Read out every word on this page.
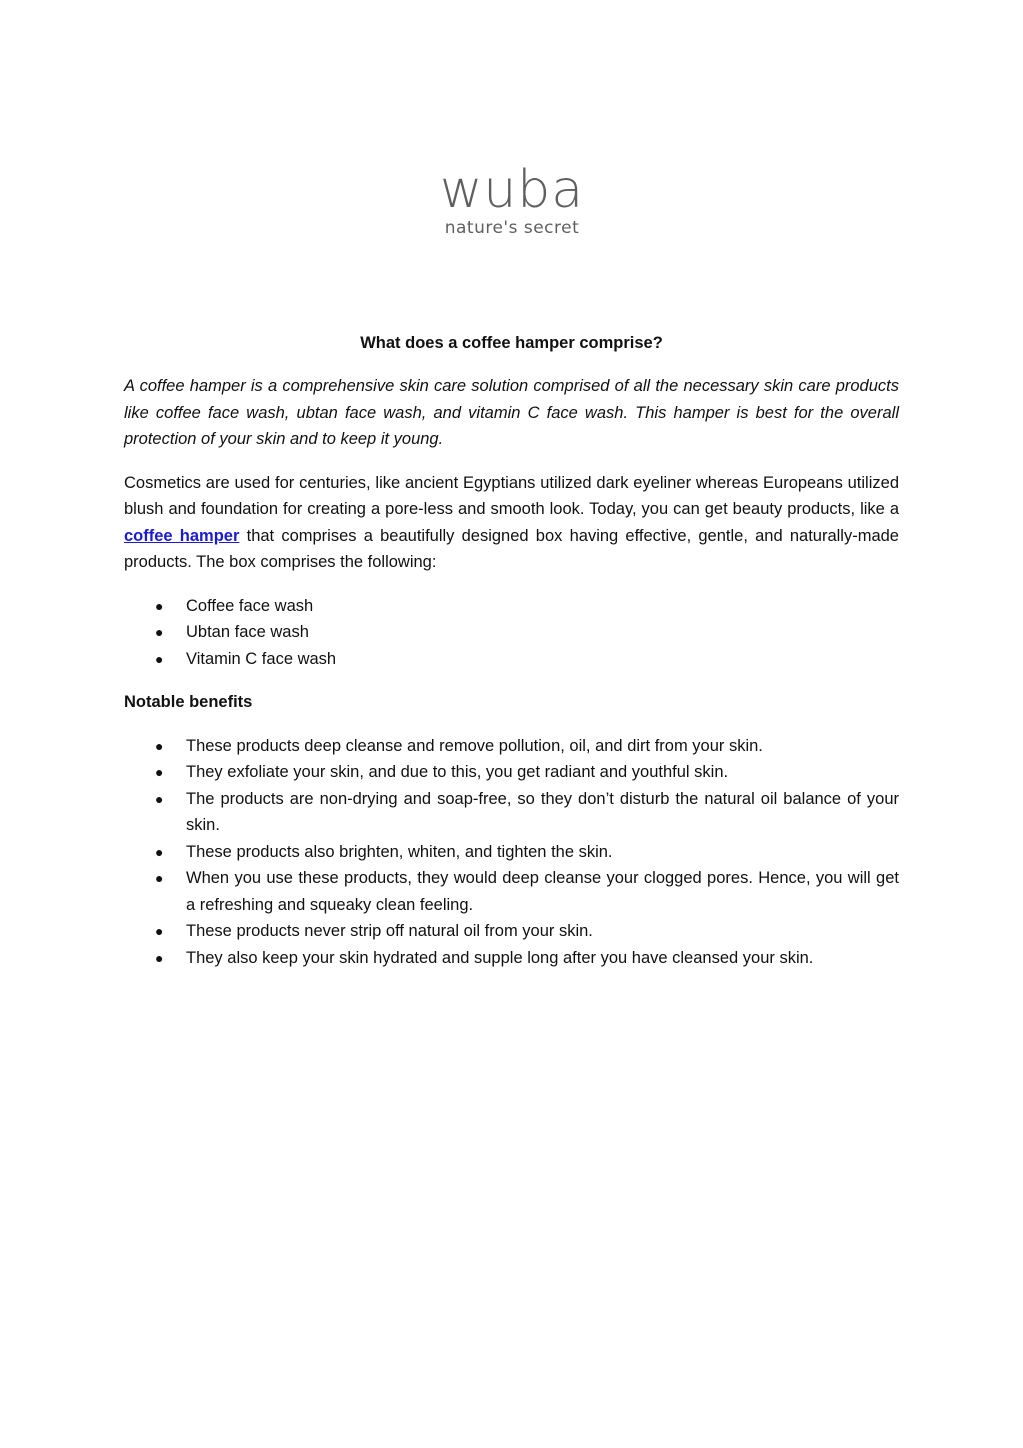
wuba
nature's secret
What does a coffee hamper comprise?

A coffee hamper is a comprehensive skin care solution comprised of all the necessary skin care products like coffee face wash, ubtan face wash, and vitamin C face wash. This hamper is best for the overall protection of your skin and to keep it young.

Cosmetics are used for centuries, like ancient Egyptians utilized dark eyeliner whereas Europeans utilized blush and foundation for creating a pore-less and smooth look. Today, you can get beauty products, like a coffee hamper that comprises a beautifully designed box having effective, gentle, and naturally-made products. The box comprises the following:

● Coffee face wash
● Ubtan face wash
● Vitamin C face wash
Notable benefits
● These products deep cleanse and remove pollution, oil, and dirt from your skin.
● They exfoliate your skin, and due to this, you get radiant and youthful skin.
● The products are non-drying and soap-free, so they don’t disturb the natural oil balance of your skin.
● These products also brighten, whiten, and tighten the skin.
● When you use these products, they would deep cleanse your clogged pores. Hence, you will get a refreshing and squeaky clean feeling.
● These products never strip off natural oil from your skin.
● They also keep your skin hydrated and supple long after you have cleansed your skin.
